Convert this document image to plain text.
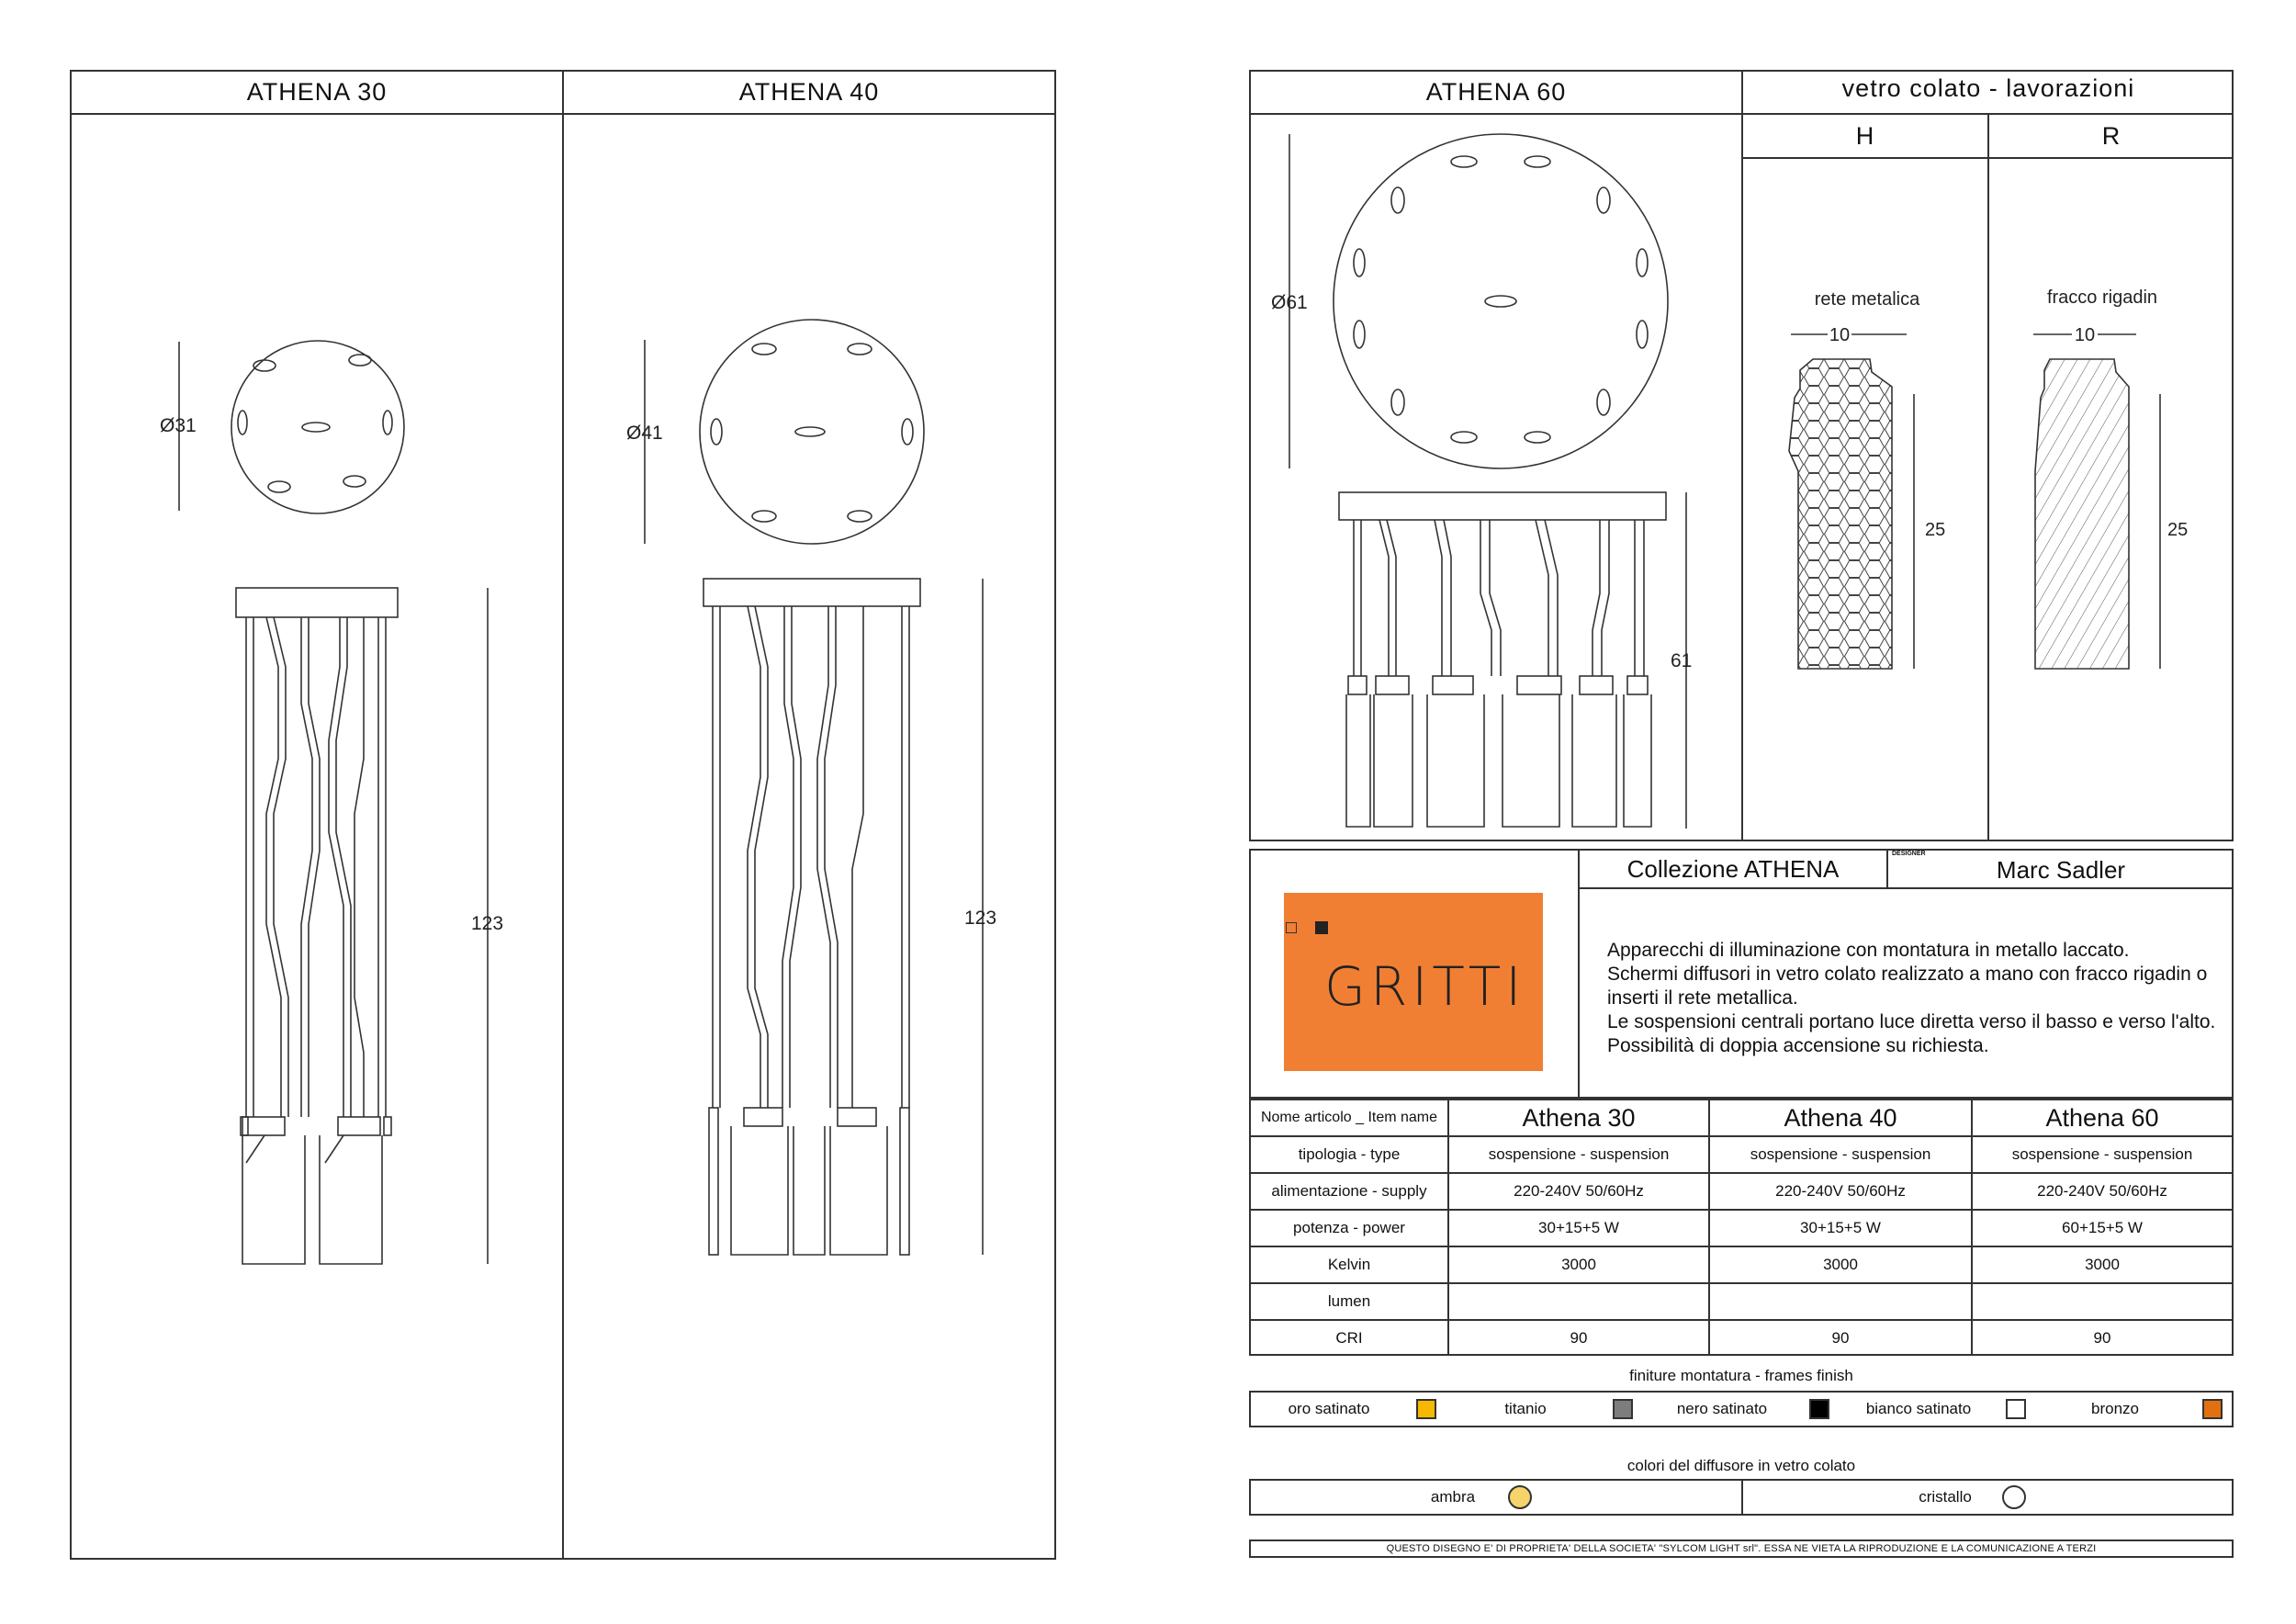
ATHENA 30	ATHENA 40
Ø31
123
Ø41
123
ATHENA 60	vetro colato - lavorazioni
H	R
Ø61
61
rete metalica
10
25
fracco rigadin
10
25
Collezione ATHENA
DESIGNER
Marc Sadler
GRITTI
Apparecchi di illuminazione con montatura in metallo laccato.
Schermi diffusori in vetro colato realizzato a mano con fracco rigadin o
inserti il rete metallica.
Le sospensioni centrali portano luce diretta verso il basso e verso l'alto.
Possibilità di doppia accensione su richiesta.
Nome articolo _ Item name	Athena 30	Athena 40	Athena 60
tipologia - type	sospensione - suspension	sospensione - suspension	sospensione - suspension
alimentazione - supply	220-240V 50/60Hz	220-240V 50/60Hz	220-240V 50/60Hz
potenza - power	30+15+5 W	30+15+5 W	60+15+5 W
Kelvin	3000	3000	3000
lumen
CRI	90	90	90
finiture montatura - frames finish
oro satinato	titanio	nero satinato	bianco satinato	bronzo
colori del diffusore in vetro colato
ambra	cristallo
QUESTO DISEGNO E' DI PROPRIETA' DELLA SOCIETA' "SYLCOM LIGHT srl". ESSA NE VIETA LA RIPRODUZIONE E LA COMUNICAZIONE A TERZI
